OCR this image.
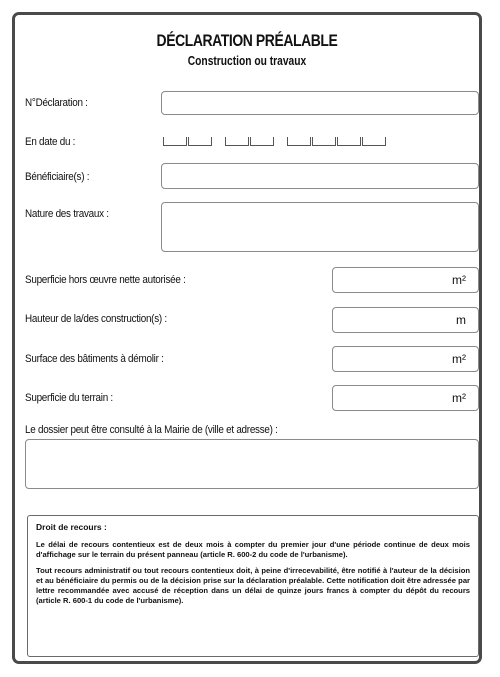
DÉCLARATION PRÉALABLE
Construction ou travaux
N°Déclaration :
En date du :
Bénéficiaire(s) :
Nature des travaux :
Superficie hors œuvre nette autorisée :	m²
Hauteur de la/des construction(s) :	m
Surface des bâtiments à démolir :	m²
Superficie du terrain :	m²
Le dossier peut être consulté à la Mairie de (ville et adresse) :
Droit de recours :

Le délai de recours contentieux est de deux mois à compter du premier jour d'une période continue de deux mois d'affichage sur le terrain du présent panneau (article R. 600-2 du code de l'urbanisme).

Tout recours administratif ou tout recours contentieux doit, à peine d'irrecevabilité, être notifié à l'auteur de la décision et au bénéficiaire du permis ou de la décision prise sur la déclaration préalable. Cette notification doit être adressée par lettre recommandée avec accusé de réception dans un délai de quinze jours francs à compter du dépôt du recours (article R. 600-1 du code de l'urbanisme).
